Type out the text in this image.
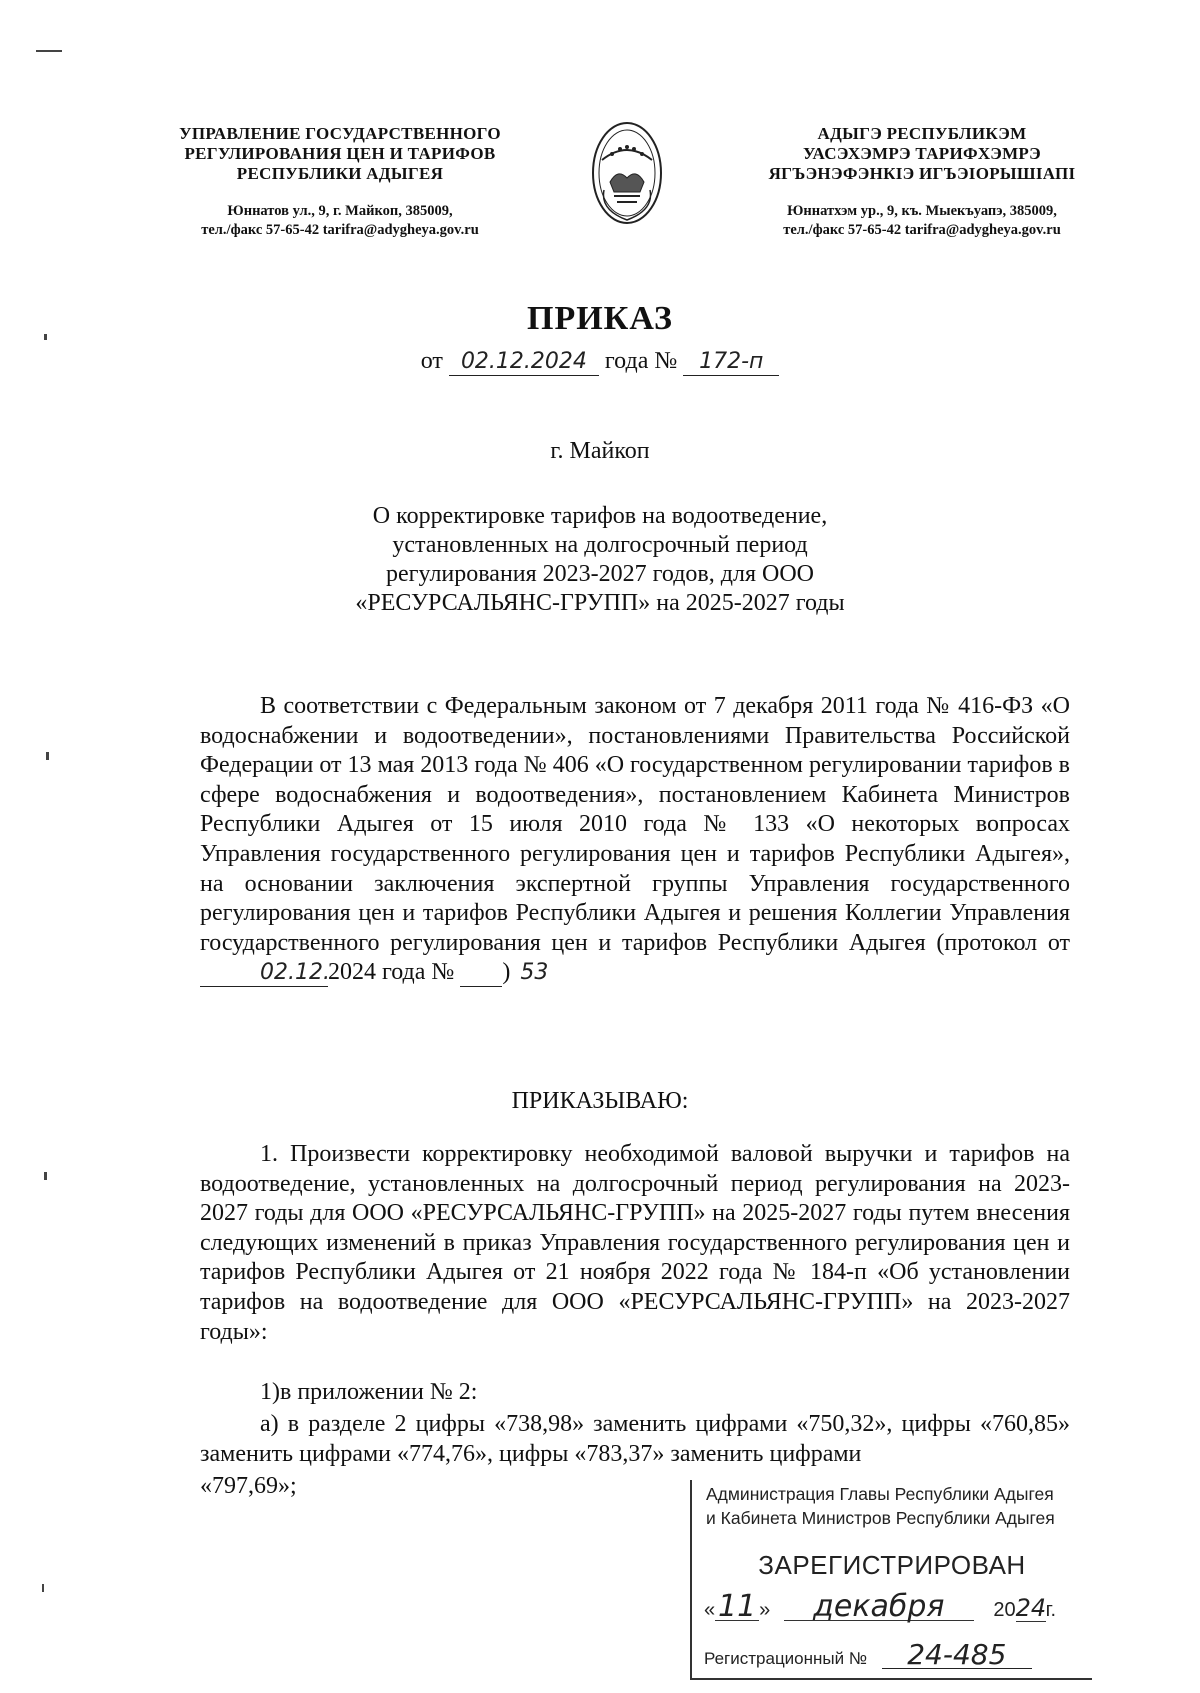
УПРАВЛЕНИЕ ГОСУДАРСТВЕННОГО
РЕГУЛИРОВАНИЯ ЦЕН И ТАРИФОВ
РЕСПУБЛИКИ АДЫГЕЯ
Юннатов ул., 9, г. Майкоп, 385009,
тел./факс 57-65-42 tarifra@adygheya.gov.ru
АДЫГЭ РЕСПУБЛИКЭМ
УАСЭХЭМРЭ ТАРИФХЭМРЭ
ЯГЪЭНЭФЭНКIЭ ИГЪЭIОРЫШIАПI
Юннатхэм ур., 9, къ. Мыекъуапэ, 385009,
тел./факс 57-65-42 tarifra@adygheya.gov.ru
ПРИКАЗ
от 02.12.2024 года № 172-п
г. Майкоп
О корректировке тарифов на водоотведение,
установленных на долгосрочный период
регулирования 2023-2027 годов, для ООО
«РЕСУРСАЛЬЯНС-ГРУПП» на 2025-2027 годы
В соответствии с Федеральным законом от 7 декабря 2011 года № 416-ФЗ «О водоснабжении и водоотведении», постановлениями Правительства Российской Федерации от 13 мая 2013 года № 406 «О государственном регулировании тарифов в сфере водоснабжения и водоотведения», постановлением Кабинета Министров Республики Адыгея от 15 июля 2010 года № 133 «О некоторых вопросах Управления государственного регулирования цен и тарифов Республики Адыгея», на основании заключения экспертной группы Управления государственного регулирования цен и тарифов Республики Адыгея и решения Коллегии Управления государственного регулирования цен и тарифов Республики Адыгея (протокол от 02.12.2024 года №	53)
ПРИКАЗЫВАЮ:
1. Произвести корректировку необходимой валовой выручки и тарифов на водоотведение, установленных на долгосрочный период регулирования на 2023-2027 годы для ООО «РЕСУРСАЛЬЯНС-ГРУПП» на 2025-2027 годы путем внесения следующих изменений в приказ Управления государственного регулирования цен и тарифов Республики Адыгея от 21 ноября 2022 года № 184-п «Об установлении тарифов на водоотведение для ООО «РЕСУРСАЛЬЯНС-ГРУПП» на 2023-2027 годы»:
1)в приложении № 2:
а) в разделе 2 цифры «738,98» заменить цифрами «750,32», цифры «760,85» заменить цифрами «774,76», цифры «783,37» заменить цифрами
«797,69»;	Администрация Главы Республики Адыгея
и Кабинета Министров Республики Адыгея
ЗАРЕГИСТРИРОВАН
«11 » декабря 2024г.
Регистрационный № 24-485
